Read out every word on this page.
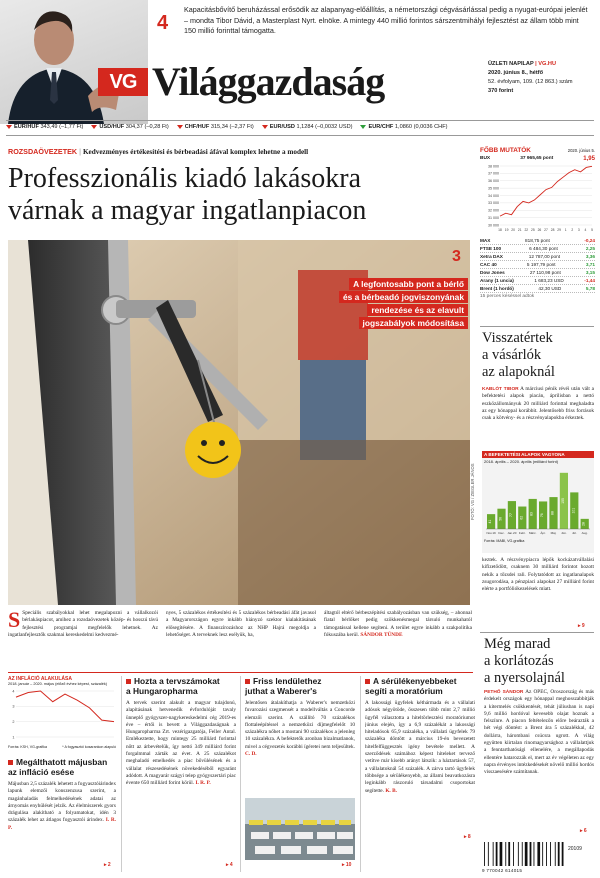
VG Világgazdaság
4
Kapacitásbővítő beruházással erősödik az alapanyag-előállítás, a németországi cégvásárlással pedig a nyugat-európai jelenlét – mondta Tibor Dávid, a Masterplast Nyrt. elnöke. A mintegy 440 millió forintos sárszentmihályi fejlesztést az állam több mint 150 millió forinttal támogatta.
ÜZLETI NAPILAP | VG.HU
2020. június 8., hétfő
52. évfolyam, 109. (12 863.) szám
370 forint
EUR/HUF 343,49 (–1,77 Ft)	USD/HUF 304,37 (–0,28 Ft)	CHF/HUF 315,34 (–2,37 Ft)	EUR/USD 1,1284 (–0,0032 USD)	EUR/CHF 1,0860 (0,0036 CHF)
ROZSDAÖVEZETEK | Kedvezményes értékesítési és bérbeadási áfával komplex lehetne a modell
Professzionális kiadó lakásokra
várnak a magyar ingatlanpiacon
3
A legfontosabb pont a bérlő
és a bérbeadó jogviszonyának
rendezése és az elavult
jogszabályok módosítása
FOTÓ: VG / ZIEGLER JÁNOS
S Speciális szabályokkal lehet megalapozni a vállalkozói bérlakáspiacot, amihez a rozsdaövezetek közép- és hosszú távú fejlesztési programjai megfelelők lehetnek. Az ingatlanfejlesztők szakmai kereskedelmi kedvezmé-
nyes, 5 százalékos értékesítési és 5 százalékos bérbeadási áfát javasol a Magyarországon egyre inkább hiányzó szektor kialakításának elősegítésére. A finanszírozáshoz az NHP Hajrá megoldja a lehetőséget. A terveknek lesz esélyük, ha,
áltagtól eltérő bérbeszépítési szabályozásban van szükség, – ahonnal fiatal bérlőket pedig szökkenésmegal társuló munkahatól támogatással kellene segíteni. A terület egyre inkább a szakpolitika fókuszába kerül. SÁNDOR TÜNDE
FŐBB MUTATÓK	2020. június 5.
BUX	37 965,65 pont	1,95
38 000
37 000
36 000
35 000
34 000
33 000
32 000
31 000
30 000
18 19 20 21 22 25 26 27 28 29 1 2 3 4 5
MAX	818,75 pont	-0,24
FTSE 100	6 484,30 pont	2,25
Xetra DAX	12 787,00 pont	3,36
CAC 40	5 197,79 pont	3,71
Dow Jones	27 110,98 pont	3,15
Arany (1 uncia)	1 683,23 USD	-1,44
Brent (1 hordó)	42,30 USD	5,78
15 perces késéssel adtok
Visszatértek
a vásárlók
az alapoknál
KABLÓT TIBOR A márciusi pénik révéi után vált a befektetési alapok piacán, áprilisban a nettó eszközállományuk 20 milliárd forinttal meghaladta az egy hónappal korábbit. Jelentősebb friss források csak a kötvény- és a részvényalapokba érkeztek.
A BEFEKTETÉSI ALAPOK VAGYONA
2018. április – 2020. április (milliárd forint)
41
Nov.19
56
Dec.
77
Jan.20
62
Febr.
83
Márc.
76
Ápr.
88
Máj.
155
Jún.
101
Júl.
28
Aug.
Forrás: MABI, VG-grafika
keztek. A részvénypiacra lépők kockázatvállalási kifizetődött, csaknem 30 milliárd forintot hozott nekik a tőzsdei rali. Folytatódott az ingatlanalapok zsugorodása, a pénzpiaci alapokat 27 milliárd forint elérte a portfóliókezelések miatt.
▸ 9
Még marad
a korlátozás
a nyersolajnál
PETHŐ SÁNDOR Az OPEC, Oroszország és más érdekelt országok egy hónappal meghosszabbítják a kitermelés csökkentését, tehát júliusban is napi 9,6 millió hordóval kevesebb olajat hoznak a felszínre. A piacon feltételezőn előre beárazták a hét végi döntést: a Brent ára 5 százalékkal, 42 dollárra, hárombani csúcsra ugrott. A világ együtten kiirtalan rinomagyarsághoz a vállalattjuk a fenntarthatósági ellenelére, a megállapodás ellentére hatarozzák el, mert az év végéleten az egy napra érvényes intézkedésekét növelő millió hordós visszaesésére számítanak.
▸ 6
AZ INFLÁCIÓ ALAKULÁSA
2018. január – 2020. május (előző évhez képest, százalék)
4
3
2
1
Forrás: KSH, VG-grafika	* A fogyasztói kosarankon alapuló
Megálthatott májusban
az infláció esése
Májusban 2,5 százalék lehetett a fogyasztóiárindex lapunk elemzői konszenzusa szerint, a magánhaladás felmelkedésének adatai az árnyomás enyhülését jelzik. Az élelmiszerek gyors drágulása alakítható a folyamatokat, idén 3 százalék lehet az átlagos fogyasztói árindex. I. R. P.
▸ 2
Hozta a tervszámokat
a Hungaropharma
A tervek szerint alakult a magyar tulajdonú, alapításának hetvenedik évfordulóját tavaly ünneplő gyógyszer-nagykereskedelmi cég 2019-es éve – értői is bevett a Világgazdaságnak a Hungaropharma Zrt. vezérigazgatója, Feller Antal. Emlékeztette, hogy mintegy 25 milliárd forinttal nőtt az árbevételük, így nettó 349 milliárd forint forgalmmal zárták az évet. A 25 százalékot meghaladó emelkedés a piac bővülésének és a vállalat részesedésének növekedéséből egyaránt adódott. A magyarár szágyi telep gyógyszertári piac évente 650 milliárd forint körül. I. R. P.
▸ 4
Friss lendülethez
juthat a Waberer's
Jelentősen átalakíthatja a Waberer's nemzetközi fuvarozási szegmensét a modellváltás a Concorde elemzői szerint. A szállító 70 százalékos flottaleépítéssel a nemzetközi díjmegfelelőt 10 százalékra nőhet a mostani 90 százalékos a jelenleg 10 százalékra. A befektetők aronban bizalmatlanok, mivel a cégvezetés korábbi ígéretei nem teljesültek. C. D.
▸ 10
A sérülékenyebbeket
segíti a moratórium
A lakossági ügyfelek kéthármada és a vállalati adósok négyötöde, összesen több mint 2,7 millió ügyfél választotta a hiteltörlesztési moratóriumot június elején, így a 6,9 százalékát a lakossági hiteladósok 65,9 százaléka, a vállalati ügyfelek 79 százaléka döntött a március 19-én bevezetett hitelfelfüggesztés igény bevétele mellett. A szerződések számához képest hiteleket tervező vetítve már kisebb arányt látszik: a háztartások 57, a vállalatoknál 54 százalék. A zárva tartó ügyfelek többsége a sérülékenyebb, az állami beavatkozásra leginkább rászoruló társadalmi csoportokat segítette. K. B.
▸ 8
9 770042 614015
20109
